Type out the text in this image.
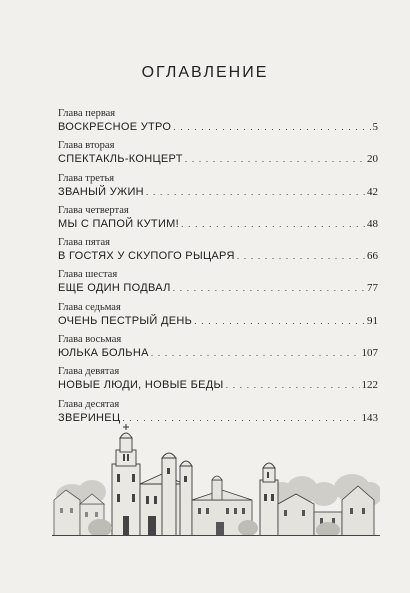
ОГЛАВЛЕНИЕ
Глава первая
ВОСКРЕСНОЕ УТРО . . .	5
Глава вторая
СПЕКТАКЛЬ-КОНЦЕРТ . . .	20
Глава третья
ЗВАНЫЙ УЖИН . . .	42
Глава четвертая
МЫ С ПАПОЙ КУТИМ! . . .	48
Глава пятая
В ГОСТЯХ У СКУПОГО РЫЦАРЯ . . .	66
Глава шестая
ЕЩЕ ОДИН ПОДВАЛ . . .	77
Глава седьмая
ОЧЕНЬ ПЕСТРЫЙ ДЕНЬ . . .	91
Глава восьмая
ЮЛЬКА БОЛЬНА . . .	107
Глава девятая
НОВЫЕ ЛЮДИ, НОВЫЕ БЕДЫ . . .	122
Глава десятая
ЗВЕРИНЕЦ . . .	143
